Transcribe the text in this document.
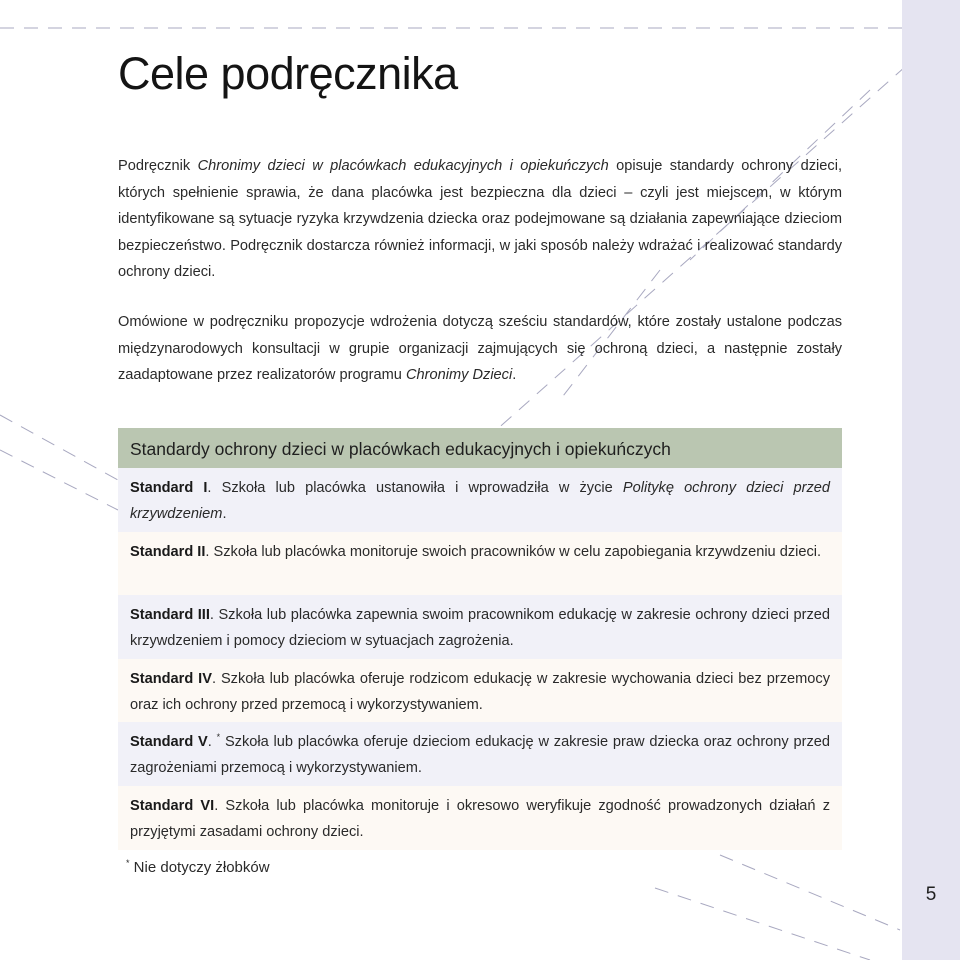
5
Cele podręcznika

Podręcznik Chronimy dzieci w placówkach edukacyjnych i opiekuńczych opisuje standardy ochrony dzieci, których spełnienie sprawia, że dana placówka jest bezpieczna dla dzieci – czyli jest miejscem, w którym identyfikowane są sytuacje ryzyka krzywdzenia dziecka oraz podejmowane są działania zapewniające dzieciom bezpieczeństwo. Podręcznik dostarcza również informacji, w jaki sposób należy wdrażać i realizować standardy ochrony dzieci.

Omówione w podręczniku propozycje wdrożenia dotyczą sześciu standardów, które zostały ustalone podczas międzynarodowych konsultacji w grupie organizacji zajmujących się ochroną dzieci, a następnie zostały zaadaptowane przez realizatorów programu Chronimy Dzieci.

Standardy ochrony dzieci w placówkach edukacyjnych i opiekuńczych
Standard I. Szkoła lub placówka ustanowiła i wprowadziła w życie Politykę ochrony dzieci przed krzywdzeniem.
Standard II. Szkoła lub placówka monitoruje swoich pracowników w celu zapobiegania krzywdzeniu dzieci.
Standard III. Szkoła lub placówka zapewnia swoim pracownikom edukację w zakresie ochrony dzieci przed krzywdzeniem i pomocy dzieciom w sytuacjach zagrożenia.
Standard IV. Szkoła lub placówka oferuje rodzicom edukację w zakresie wychowania dzieci bez przemocy oraz ich ochrony przed przemocą i wykorzystywaniem.
Standard V. * Szkoła lub placówka oferuje dzieciom edukację w zakresie praw dziecka oraz ochrony przed zagrożeniami przemocą i wykorzystywaniem.
Standard VI. Szkoła lub placówka monitoruje i okresowo weryfikuje zgodność prowadzonych działań z przyjętymi zasadami ochrony dzieci.
* Nie dotyczy żłobków
